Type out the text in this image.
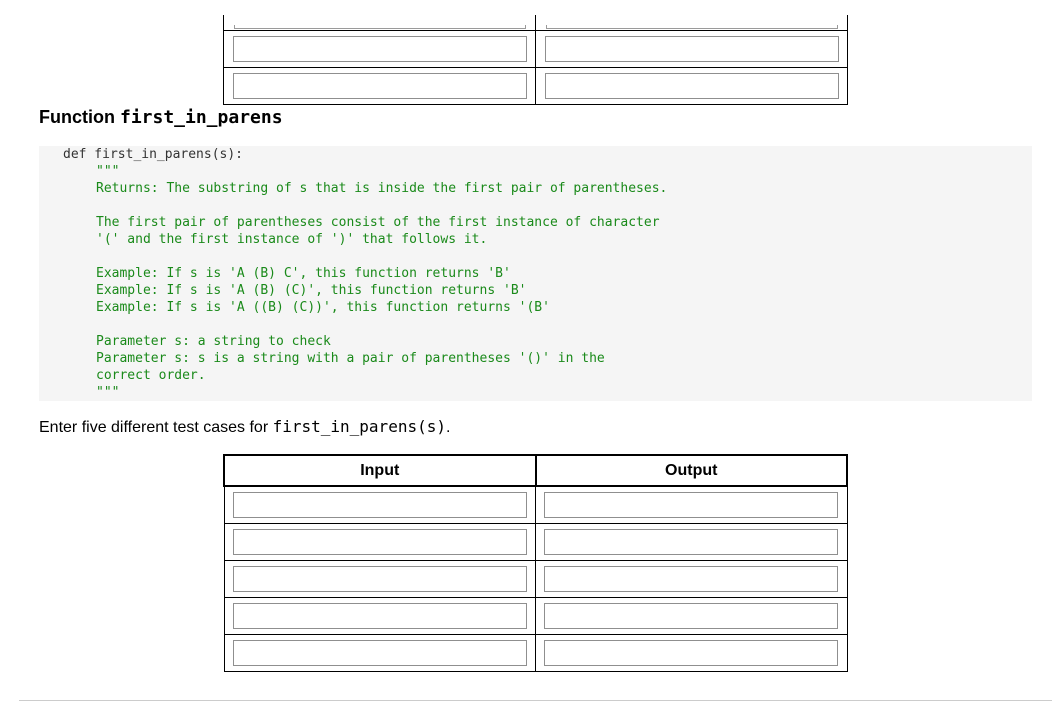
Function first_in_parens
def first_in_parens(s):
"""
Returns: The substring of s that is inside the first pair of parentheses.
The first pair of parentheses consist of the first instance of character
'(' and the first instance of ')' that follows it.
Example: If s is 'A (B) C', this function returns 'B'
Example: If s is 'A (B) (C)', this function returns 'B'
Example: If s is 'A ((B) (C))', this function returns '(B'
Parameter s: a string to check
Parameter s: s is a string with a pair of parentheses '()' in the
correct order.
"""

Enter five different test cases for first_in_parens(s).

Input	Output
